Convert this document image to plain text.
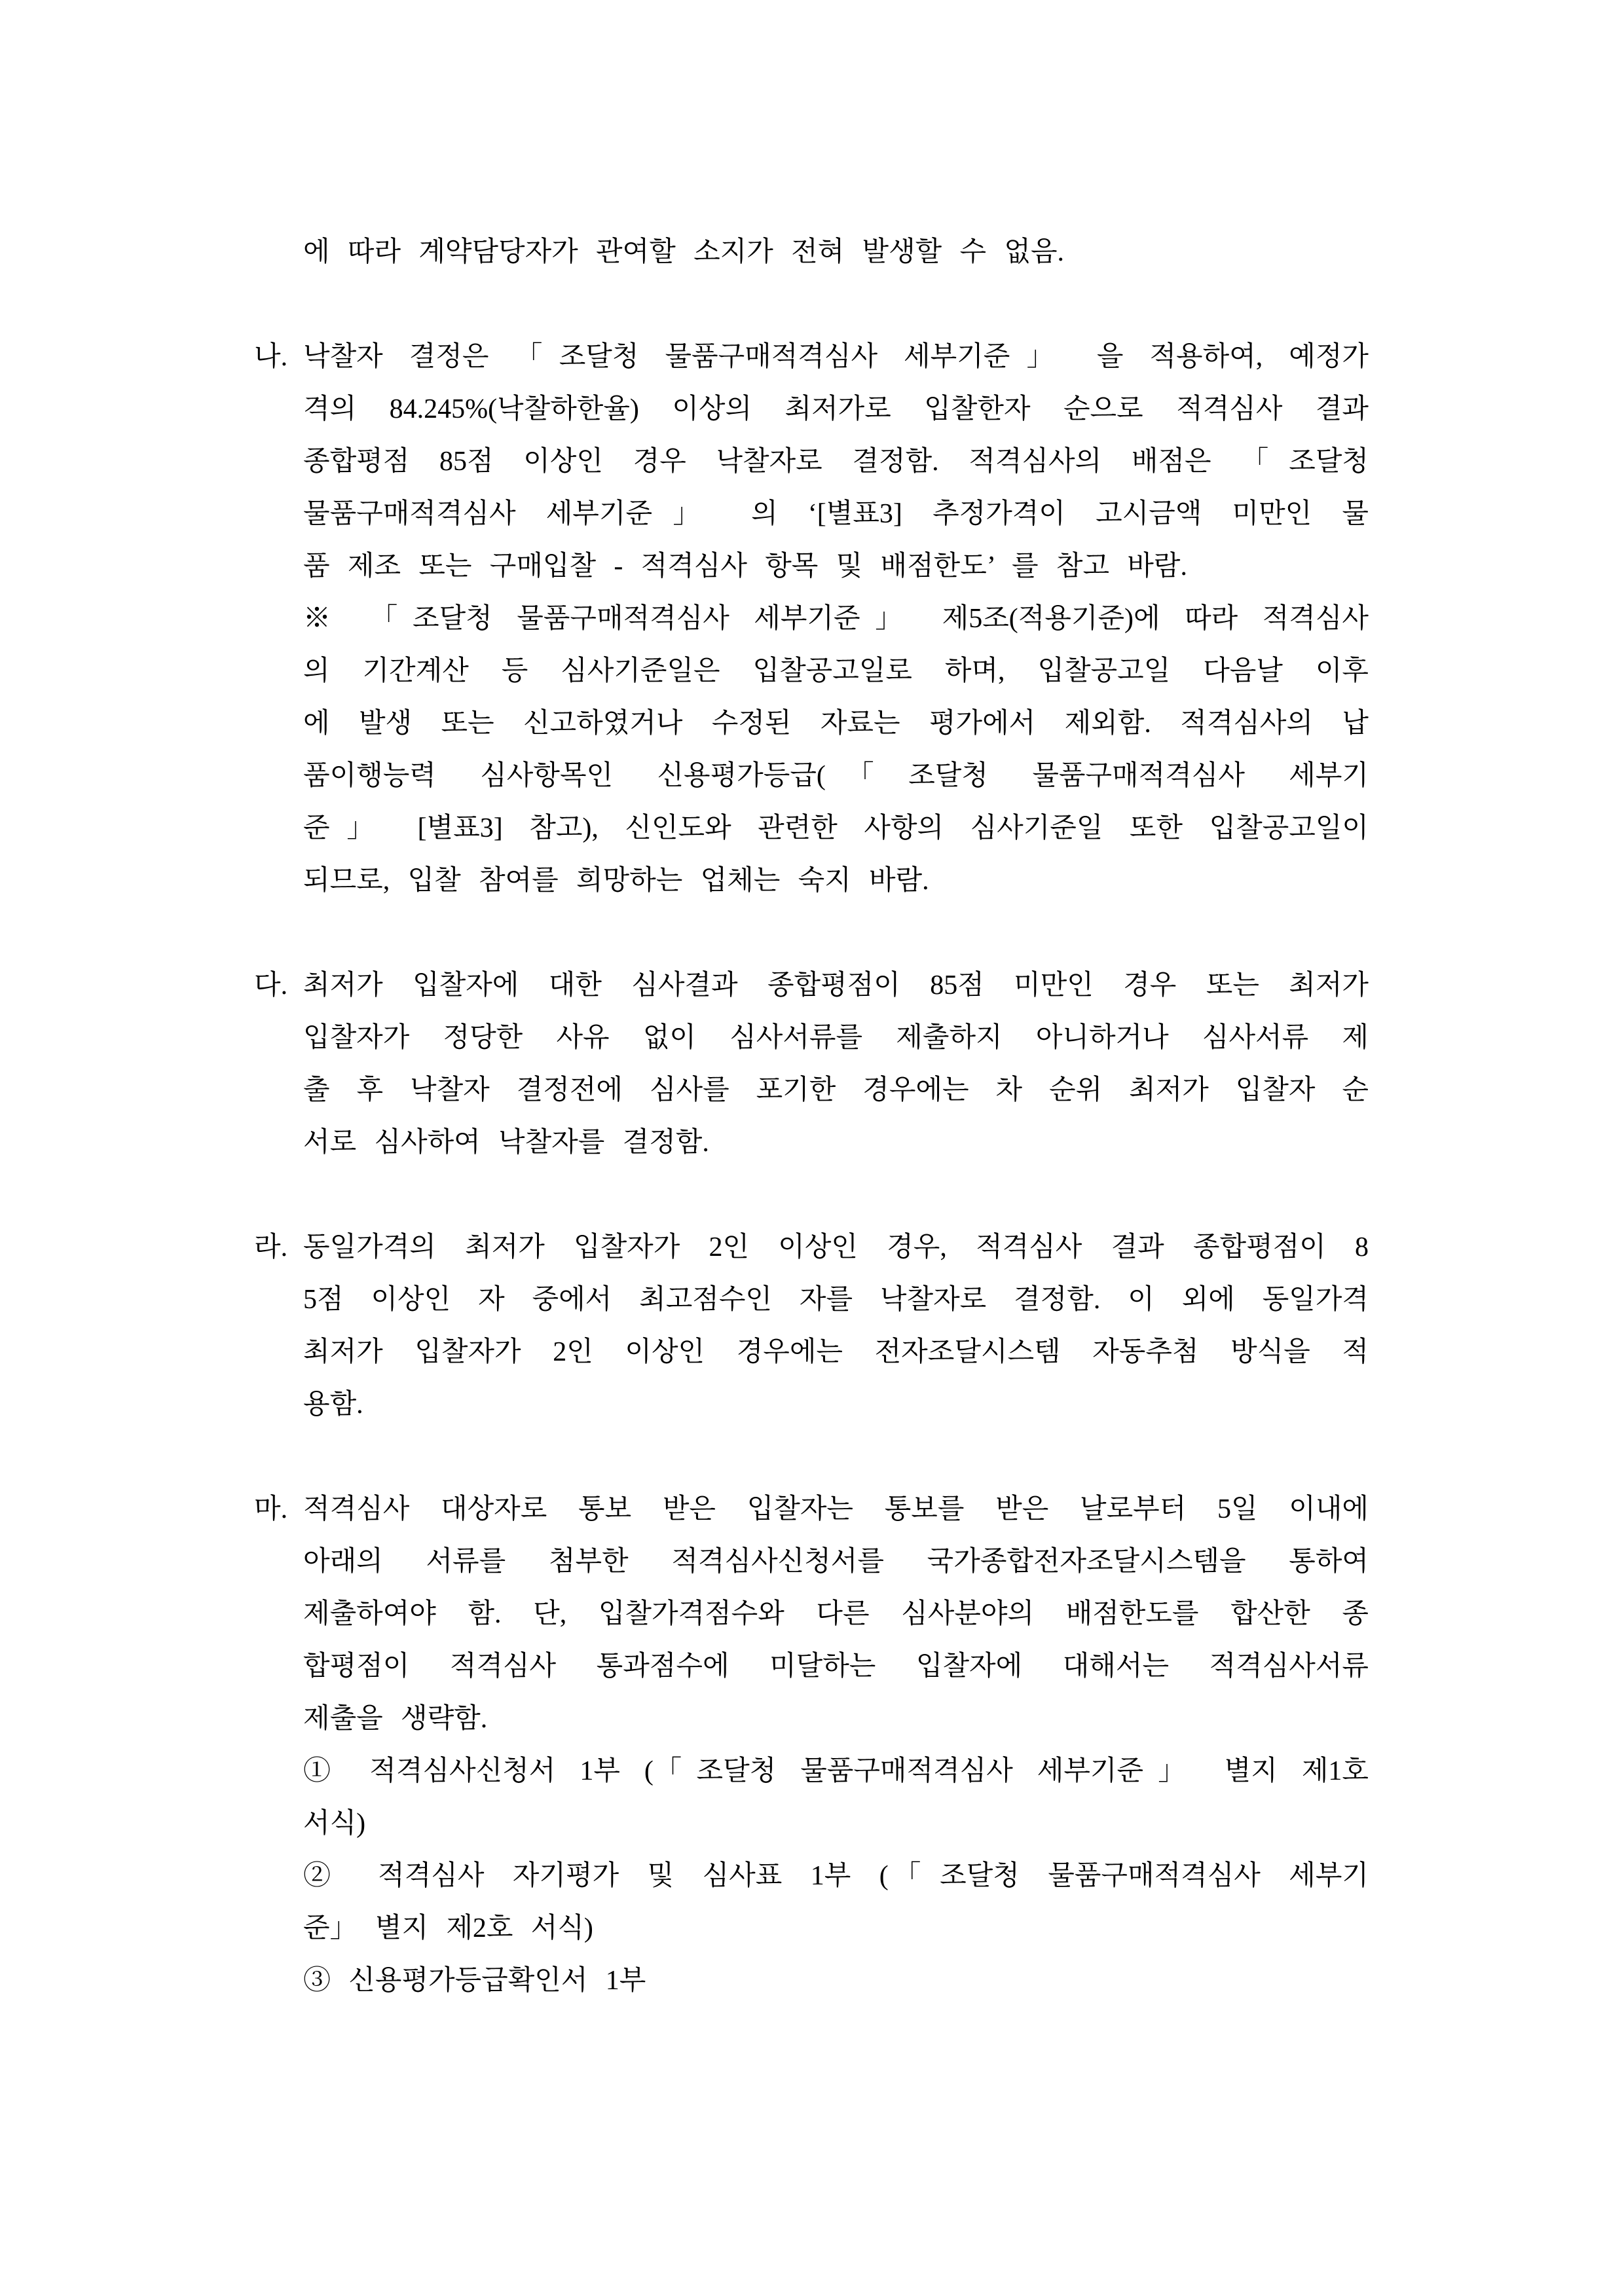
에 따라 계약담당자가 관여할 소지가 전혀 발생할 수 없음.
나. 낙찰자 결정은 「조달청 물품구매적격심사 세부기준」 을 적용하여, 예정가
격의 84.245%(낙찰하한율) 이상의 최저가로 입찰한자 순으로 적격심사 결과
종합평점 85점 이상인 경우 낙찰자로 결정함. 적격심사의 배점은 「조달청
물품구매적격심사 세부기준」 의 ‘[별표3] 추정가격이 고시금액 미만인 물
품 제조 또는 구매입찰 - 적격심사 항목 및 배점한도’ 를 참고 바람.
※ 「조달청 물품구매적격심사 세부기준」 제5조(적용기준)에 따라 적격심사
의 기간계산 등 심사기준일은 입찰공고일로 하며, 입찰공고일 다음날 이후
에 발생 또는 신고하였거나 수정된 자료는 평가에서 제외함. 적격심사의 납
품이행능력 심사항목인 신용평가등급(「조달청 물품구매적격심사 세부기
준」 [별표3] 참고), 신인도와 관련한 사항의 심사기준일 또한 입찰공고일이
되므로, 입찰 참여를 희망하는 업체는 숙지 바람.
다. 최저가 입찰자에 대한 심사결과 종합평점이 85점 미만인 경우 또는 최저가
입찰자가 정당한 사유 없이 심사서류를 제출하지 아니하거나 심사서류 제
출 후 낙찰자 결정전에 심사를 포기한 경우에는 차 순위 최저가 입찰자 순
서로 심사하여 낙찰자를 결정함.
라. 동일가격의 최저가 입찰자가 2인 이상인 경우, 적격심사 결과 종합평점이 8
5점 이상인 자 중에서 최고점수인 자를 낙찰자로 결정함. 이 외에 동일가격
최저가 입찰자가 2인 이상인 경우에는 전자조달시스템 자동추첨 방식을 적
용함.
마. 적격심사 대상자로 통보 받은 입찰자는 통보를 받은 날로부터 5일 이내에
아래의 서류를 첨부한 적격심사신청서를 국가종합전자조달시스템을 통하여
제출하여야 함. 단, 입찰가격점수와 다른 심사분야의 배점한도를 합산한 종
합평점이 적격심사 통과점수에 미달하는 입찰자에 대해서는 적격심사서류
제출을 생략함.
① 적격심사신청서 1부 (「조달청 물품구매적격심사 세부기준」 별지 제1호
서식)
② 적격심사 자기평가 및 심사표 1부 (「조달청 물품구매적격심사 세부기
준」 별지 제2호 서식)
③ 신용평가등급확인서 1부
